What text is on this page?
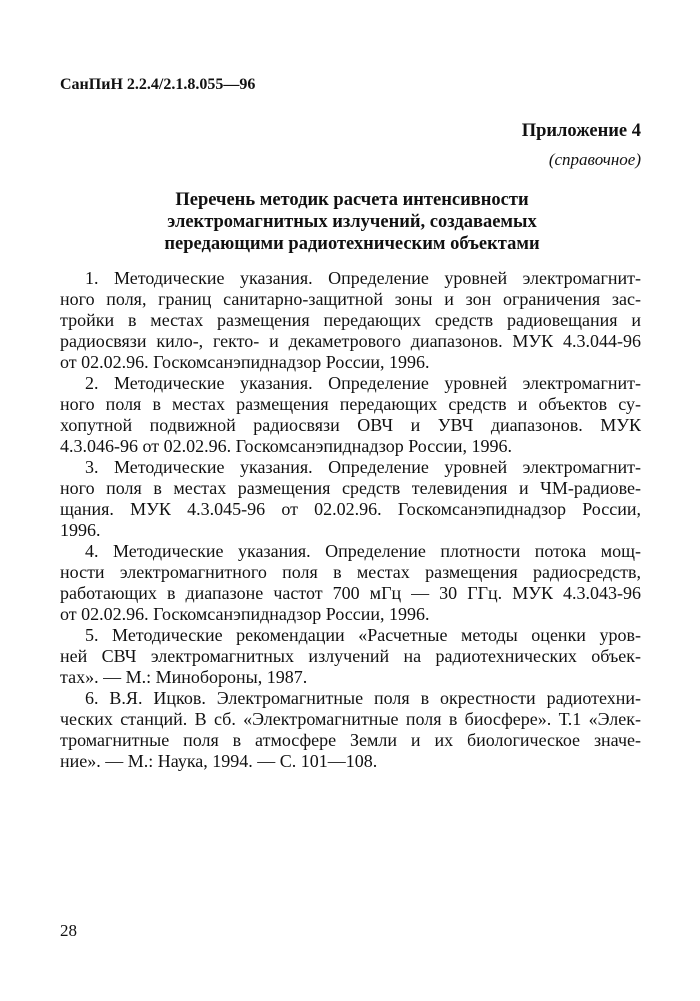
СанПиН 2.2.4/2.1.8.055—96
Приложение 4
(справочное)
Перечень методик расчета интенсивности
электромагнитных излучений, создаваемых
передающими радиотехническим объектами
1. Методические указания. Определение уровней электромагнит-
ного поля, границ санитарно-защитной зоны и зон ограничения зас-
тройки в местах размещения передающих средств радиовещания и
радиосвязи кило-, гекто- и декаметрового диапазонов. МУК 4.3.044-96
от 02.02.96. Госкомсанэпиднадзор России, 1996.
2. Методические указания. Определение уровней электромагнит-
ного поля в местах размещения передающих средств и объектов су-
хопутной подвижной радиосвязи ОВЧ и УВЧ диапазонов. МУК
4.3.046-96 от 02.02.96. Госкомсанэпиднадзор России, 1996.
3. Методические указания. Определение уровней электромагнит-
ного поля в местах размещения средств телевидения и ЧМ-радиове-
щания. МУК 4.3.045-96 от 02.02.96. Госкомсанэпиднадзор России,
1996.
4. Методические указания. Определение плотности потока мощ-
ности электромагнитного поля в местах размещения радиосредств,
работающих в диапазоне частот 700 мГц — 30 ГГц. МУК 4.3.043-96
от 02.02.96. Госкомсанэпиднадзор России, 1996.
5. Методические рекомендации «Расчетные методы оценки уров-
ней СВЧ электромагнитных излучений на радиотехнических объек-
тах». — М.: Минобороны, 1987.
6. В.Я. Ицков. Электромагнитные поля в окрестности радиотехни-
ческих станций. В сб. «Электромагнитные поля в биосфере». Т.1 «Элек-
тромагнитные поля в атмосфере Земли и их биологическое значе-
ние». — М.: Наука, 1994. — С. 101—108.
28
